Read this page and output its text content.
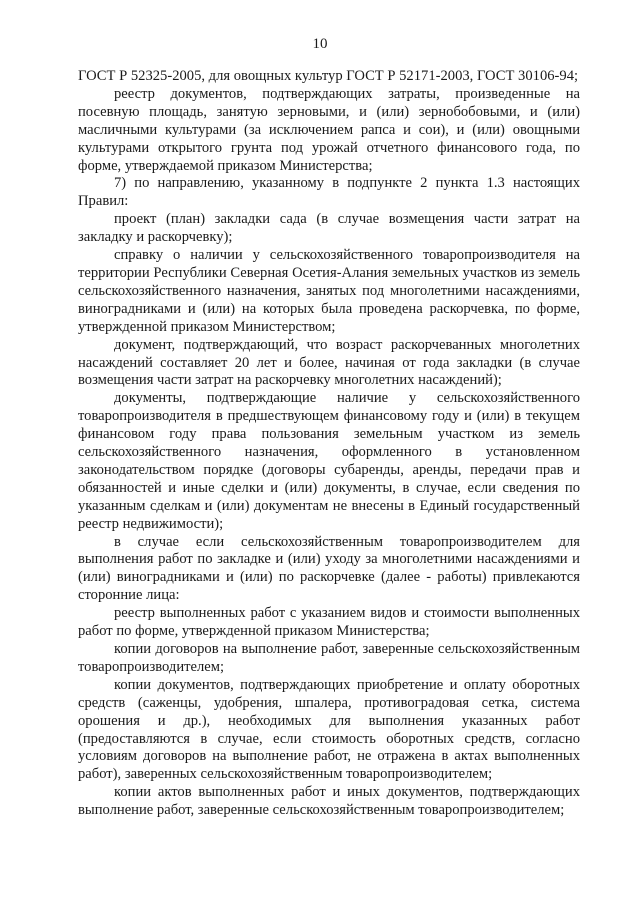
10

ГОСТ Р 52325-2005, для овощных культур ГОСТ Р 52171-2003, ГОСТ 30106-94;

реестр документов, подтверждающих затраты, произведенные на посевную площадь, занятую зерновыми, и (или) зернобобовыми, и (или) масличными культурами (за исключением рапса и сои), и (или) овощными культурами открытого грунта под урожай отчетного финансового года, по форме, утверждаемой приказом Министерства;

7) по направлению, указанному в подпункте 2 пункта 1.3 настоящих Правил:

проект (план) закладки сада (в случае возмещения части затрат на закладку и раскорчевку);

справку о наличии у сельскохозяйственного товаропроизводителя на территории Республики Северная Осетия-Алания земельных участков из земель сельскохозяйственного назначения, занятых под многолетними насаждениями, виноградниками и (или) на которых была проведена раскорчевка, по форме, утвержденной приказом Министерством;

документ, подтверждающий, что возраст раскорчеванных многолетних насаждений составляет 20 лет и более, начиная от года закладки (в случае возмещения части затрат на раскорчевку многолетних насаждений);

документы, подтверждающие наличие у сельскохозяйственного товаропроизводителя в предшествующем финансовому году и (или) в текущем финансовом году права пользования земельным участком из земель сельскохозяйственного назначения, оформленного в установленном законодательством порядке (договоры субаренды, аренды, передачи прав и обязанностей и иные сделки и (или) документы, в случае, если сведения по указанным сделкам и (или) документам не внесены в Единый государственный реестр недвижимости);

в случае если сельскохозяйственным товаропроизводителем для выполнения работ по закладке и (или) уходу за многолетними насаждениями и (или) виноградниками и (или) по раскорчевке (далее - работы) привлекаются сторонние лица:

реестр выполненных работ с указанием видов и стоимости выполненных работ по форме, утвержденной приказом Министерства;

копии договоров на выполнение работ, заверенные сельскохозяйственным товаропроизводителем;

копии документов, подтверждающих приобретение и оплату оборотных средств (саженцы, удобрения, шпалера, противоградовая сетка, система орошения и др.), необходимых для выполнения указанных работ (предоставляются в случае, если стоимость оборотных средств, согласно условиям договоров на выполнение работ, не отражена в актах выполненных работ), заверенных сельскохозяйственным товаропроизводителем;

копии актов выполненных работ и иных документов, подтверждающих выполнение работ, заверенные сельскохозяйственным товаропроизводителем;
